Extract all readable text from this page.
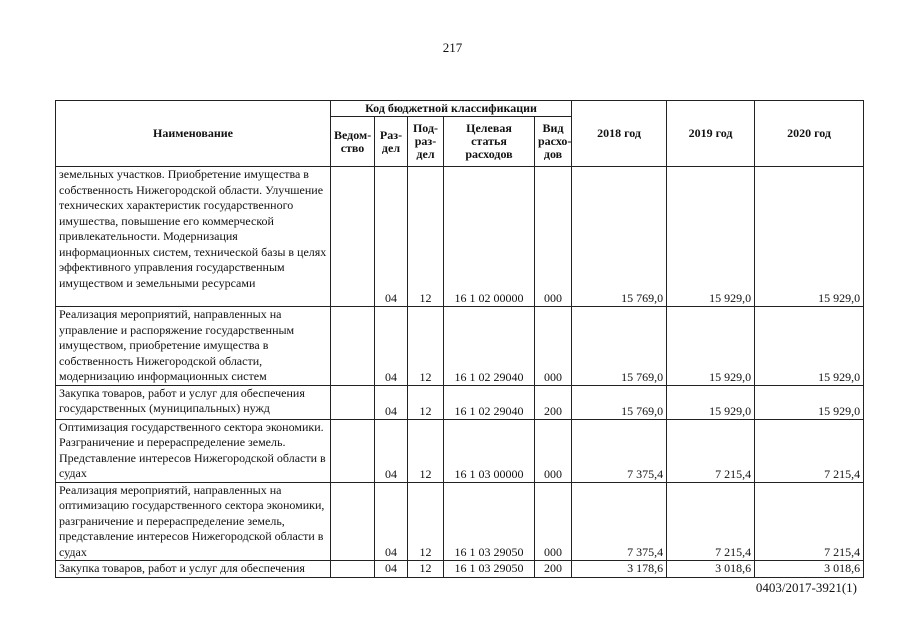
217
Наименование	Код бюджетной классификации					2018 год	2019 год	2020 год
	Ведом-ство	Раз-дел	Под-раз-дел	Целевая статья расходов	Вид расхо-дов			
земельных участков. Приобретение имущества в собственность Нижегородской области. Улучшение технических характеристик государственного имушества, повышение его коммерческой привлекательности. Модернизация информационных систем, технической базы в целях эффективного управления государственным имуществом и земельными ресурсами		04	12	16 1 02 00000	000	15 769,0	15 929,0	15 929,0
Реализация мероприятий, направленных на управление и распоряжение государственным имуществом, приобретение имущества в собственность Нижегородской области, модернизацию информационных систем		04	12	16 1 02 29040	000	15 769,0	15 929,0	15 929,0
Закупка товаров, работ и услуг для обеспечения государственных (муниципальных) нужд		04	12	16 1 02 29040	200	15 769,0	15 929,0	15 929,0
Оптимизация государственного сектора экономики. Разграничение и перераспределение земель. Представление интересов Нижегородской области в судах		04	12	16 1 03 00000	000	7 375,4	7 215,4	7 215,4
Реализация мероприятий, направленных на оптимизацию государственного сектора экономики, разграничение и перераспределение земель, представление интересов Нижегородской области в судах		04	12	16 1 03 29050	000	7 375,4	7 215,4	7 215,4
Закупка товаров, работ и услуг для обеспечения		04	12	16 1 03 29050	200	3 178,6	3 018,6	3 018,6
0403/2017-3921(1)
